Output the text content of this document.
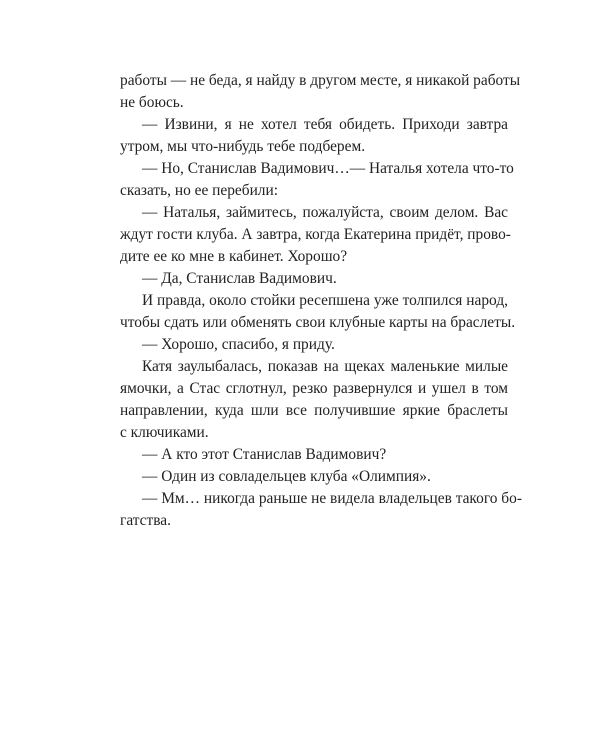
работы — не беда, я найду в другом месте, я никакой работы
не боюсь.
— Извини, я не хотел тебя обидеть. Приходи завтра
утром, мы что-нибудь тебе подберем.
— Но, Станислав Вадимович…— Наталья хотела что-то
сказать, но ее перебили:
— Наталья, займитесь, пожалуйста, своим делом. Вас
ждут гости клуба. А завтра, когда Екатерина придёт, прово-
дите ее ко мне в кабинет. Хорошо?
— Да, Станислав Вадимович.
И правда, около стойки ресепшена уже толпился народ,
чтобы сдать или обменять свои клубные карты на браслеты.
— Хорошо, спасибо, я приду.
Катя заулыбалась, показав на щеках маленькие милые
ямочки, а Стас сглотнул, резко развернулся и ушел в том
направлении, куда шли все получившие яркие браслеты
с ключиками.
— А кто этот Станислав Вадимович?
— Один из совладельцев клуба «Олимпия».
— Мм… никогда раньше не видела владельцев такого бо-
гатства.
